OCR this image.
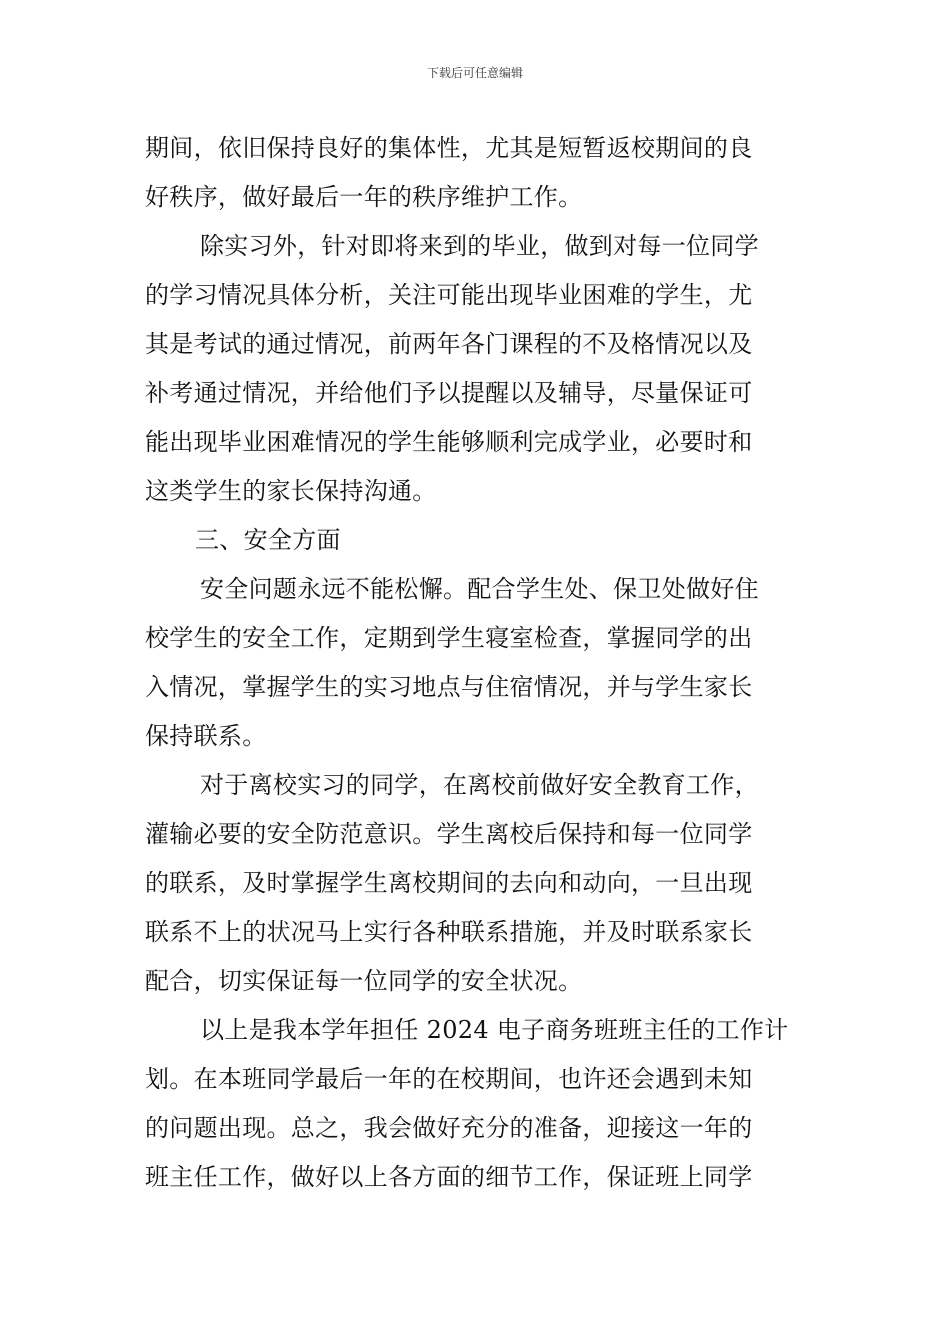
下载后可任意编辑
期间，依旧保持良好的集体性，尤其是短暂返校期间的良
好秩序，做好最后一年的秩序维护工作。
除实习外，针对即将来到的毕业，做到对每一位同学
的学习情况具体分析，关注可能出现毕业困难的学生，尤
其是考试的通过情况，前两年各门课程的不及格情况以及
补考通过情况，并给他们予以提醒以及辅导，尽量保证可
能出现毕业困难情况的学生能够顺利完成学业，必要时和
这类学生的家长保持沟通。
三、安全方面
安全问题永远不能松懈。配合学生处、保卫处做好住
校学生的安全工作，定期到学生寝室检查，掌握同学的出
入情况，掌握学生的实习地点与住宿情况，并与学生家长
保持联系。
对于离校实习的同学，在离校前做好安全教育工作，
灌输必要的安全防范意识。学生离校后保持和每一位同学
的联系，及时掌握学生离校期间的去向和动向，一旦出现
联系不上的状况马上实行各种联系措施，并及时联系家长
配合，切实保证每一位同学的安全状况。
以上是我本学年担任 2024 电子商务班班主任的工作计
划。在本班同学最后一年的在校期间，也许还会遇到未知
的问题出现。总之，我会做好充分的准备，迎接这一年的
班主任工作，做好以上各方面的细节工作，保证班上同学
